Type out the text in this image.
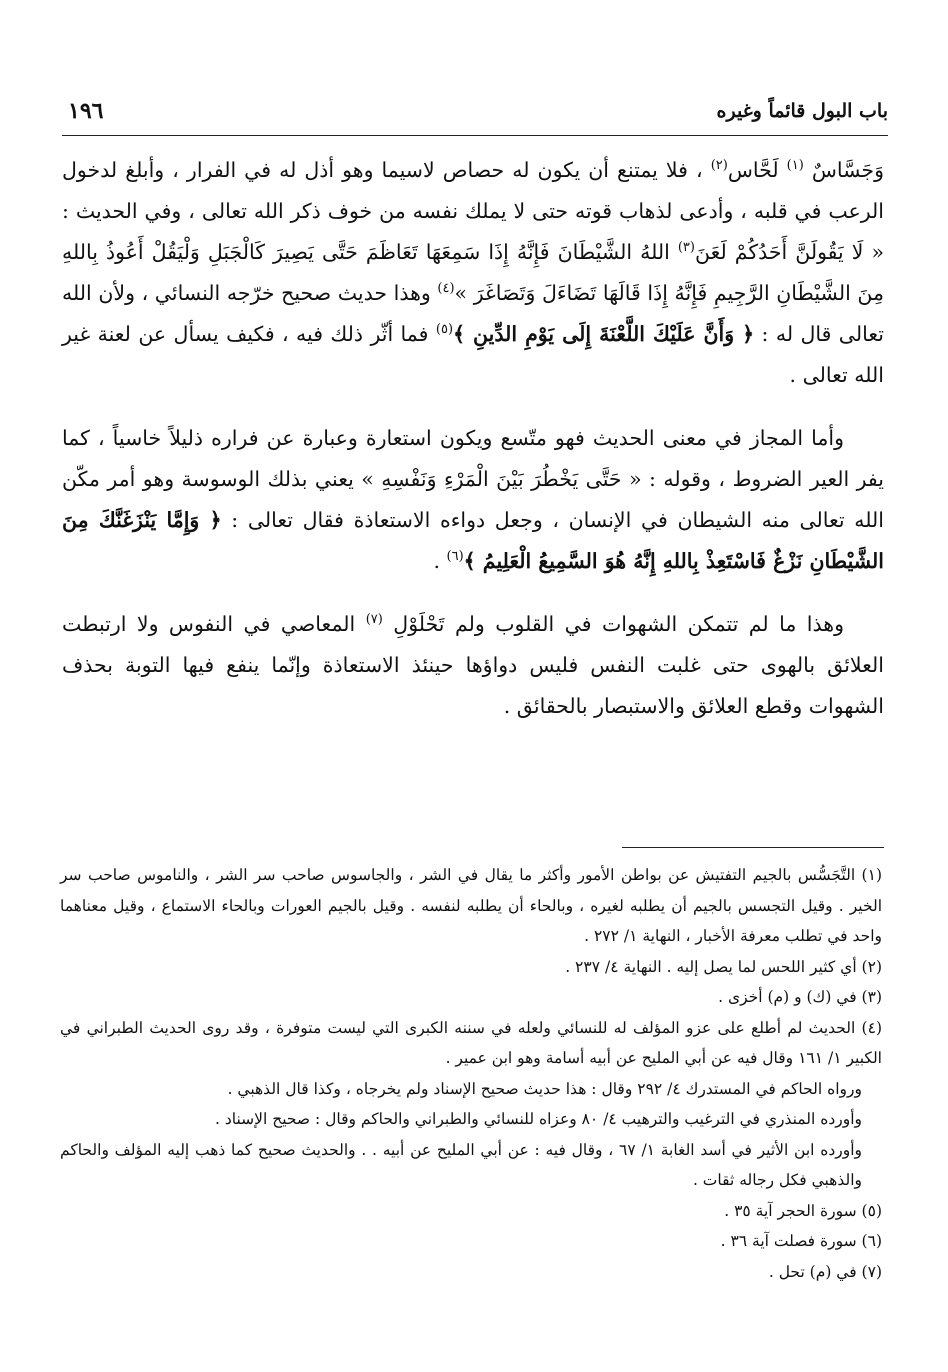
باب البول قائماً وغيره
١٩٦

وَجَسَّاسٌ $^{(١)}$ لَحَّاس$^{(٢)}$ ، فلا يمتنع أن يكون له حصاص لاسيما وهو أذل له في الفرار ، وأبلغ لدخول الرعب في قلبه ، وأدعى لذهاب قوته حتى لا يملك نفسه من خوف ذكر الله تعالى ، وفي الحديث : « لَا يَقُولَنَّ أَحَدُكُمْ لَعَنَ$^{(٣)}$ اللهُ الشَّيْطَانَ فَإِنَّهُ إِذَا سَمِعَهَا تَعَاظَمَ حَتَّى يَصِيرَ كَالْجَبَلِ وَلْيَقُلْ أَعُوذُ بِاللهِ مِنَ الشَّيْطَانِ الرَّجِيمِ فَإِنَّهُ إِذَا قَالَهَا تَضَاءَلَ وَتَصَاغَرَ »$^{(٤)}$ وهذا حديث صحيح خرّجه النسائي ، ولأن الله تعالى قال له : ﴿ وَأَنَّ عَلَيْكَ اللَّعْنَةَ إِلَى يَوْمِ الدِّينِ ﴾$^{(٥)}$ فما أثّر ذلك فيه ، فكيف يسأل عن لعنة غير الله تعالى .

وأما المجاز في معنى الحديث فهو متّسع ويكون استعارة وعبارة عن فراره ذليلاً خاسياً ، كما يفر العير الضروط ، وقوله : « حَتَّى يَخْطُرَ بَيْنَ الْمَرْءِ وَنَفْسِهِ » يعني بذلك الوسوسة وهو أمر مكّن الله تعالى منه الشيطان في الإنسان ، وجعل دواءه الاستعاذة فقال تعالى : ﴿ وَإِمَّا يَنْزَغَنَّكَ مِنَ الشَّيْطَانِ نَزْغٌ فَاسْتَعِذْ بِاللهِ إِنَّهُ هُوَ السَّمِيعُ الْعَلِيمُ ﴾$^{(٦)}$ .

وهذا ما لم تتمكن الشهوات في القلوب ولم تَحْلَوْلِ $^{(٧)}$ المعاصي في النفوس ولا ارتبطت العلائق بالهوى حتى غلبت النفس فليس دواؤها حينئذ الاستعاذة وإنّما ينفع فيها التوبة بحذف الشهوات وقطع العلائق والاستبصار بالحقائق .

(١) التَّجَسُّس بالجيم التفتيش عن بواطن الأمور وأكثر ما يقال في الشر ، والجاسوس صاحب سر الشر ، والناموس صاحب سر الخير . وقيل التجسس بالجيم أن يطلبه لغيره ، وبالحاء أن يطلبه لنفسه . وقيل بالجيم العورات وبالحاء الاستماع ، وقيل معناهما واحد في تطلب معرفة الأخبار ، النهاية ١/ ٢٧٢ .

(٢) أي كثير اللحس لما يصل إليه . النهاية ٤/ ٢٣٧ .

(٣) في (ك) و (م) أخزى .

(٤) الحديث لم أطلع على عزو المؤلف له للنسائي ولعله في سننه الكبرى التي ليست متوفرة ، وقد روى الحديث الطبراني في الكبير ١/ ١٦١ وقال فيه عن أبي المليح عن أبيه أسامة وهو ابن عمير .

ورواه الحاكم في المستدرك ٤/ ٢٩٢ وقال : هذا حديث صحيح الإسناد ولم يخرجاه ، وكذا قال الذهبي .

وأورده المنذري في الترغيب والترهيب ٤/ ٨٠ وعزاه للنسائي والطبراني والحاكم وقال : صحيح الإسناد .

وأورده ابن الأثير في أسد الغابة ١/ ٦٧ ، وقال فيه : عن أبي المليح عن أبيه . . والحديث صحيح كما ذهب إليه المؤلف والحاكم والذهبي فكل رجاله ثقات .

(٥) سورة الحجر آية ٣٥ .

(٦) سورة فصلت آية ٣٦ .

(٧) في (م) تحل .
